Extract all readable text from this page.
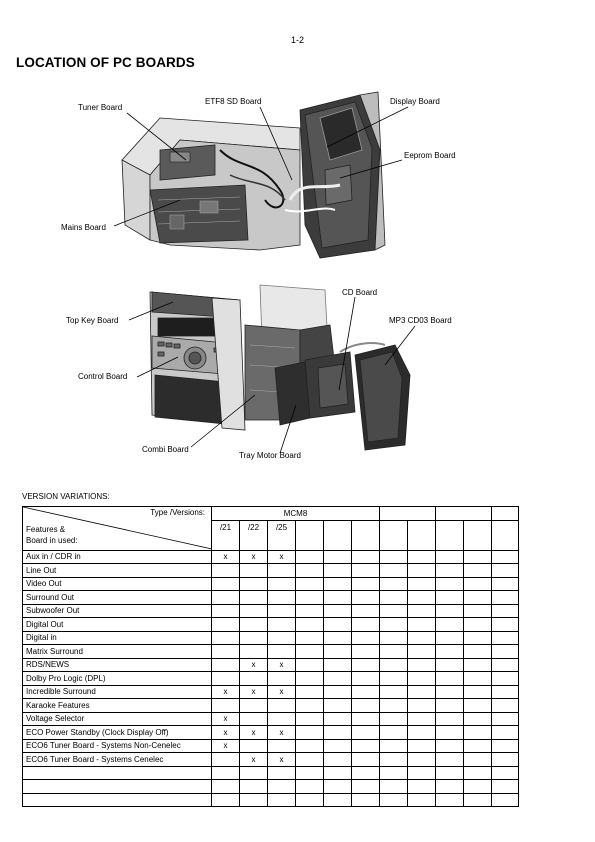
1-2
LOCATION OF PC BOARDS
Tuner Board
ETF8 SD Board	Display Board
Eeprom Board
Mains Board
CD Board
Top Key Board	MP3 CD03 Board
Control Board
Combi Board
Tray Motor Board
VERSION VARIATIONS:
Type /Versions:
Features &
Board in used:	MCM8										
	/21	/22	/25								

Aux in / CDR in	x	x	x								
Line Out											
Video Out											
Surround Out											
Subwoofer Out											
Digital Out											
Digital in											
Matrix Surround											
RDS/NEWS		x	x								
Dolby Pro Logic (DPL)											
Incredible Surround	x	x	x								
Karaoke Features											
Voltage Selector	x										
ECO Power Standby (Clock Display Off)	x	x	x								
ECO6 Tuner Board - Systems Non-Cenelec	x										
ECO6 Tuner Board - Systems Cenelec		x	x								
